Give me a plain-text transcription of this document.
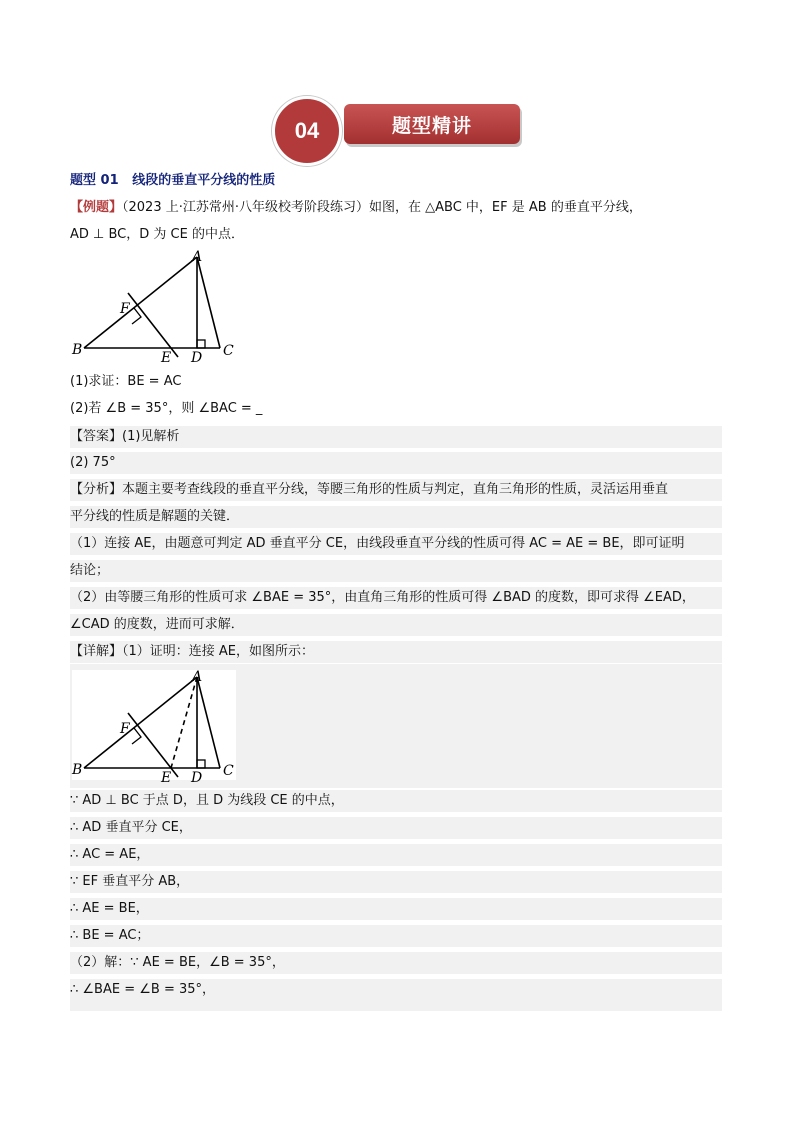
04	题型精讲
题型 01 线段的垂直平分线的性质
【例题】（2023 上·江苏常州·八年级校考阶段练习）如图，在 △ABC 中，EF 是 AB 的垂直平分线，
AD ⊥ BC，D 为 CE 的中点．
A
B	C
D
E
F
(1)求证：BE = AC
(2)若 ∠B = 35°，则 ∠BAC = _
【答案】(1)见解析
(2) 75°
【分析】本题主要考查线段的垂直平分线，等腰三角形的性质与判定，直角三角形的性质，灵活运用垂直
平分线的性质是解题的关键．
（1）连接 AE，由题意可判定 AD 垂直平分 CE，由线段垂直平分线的性质可得 AC = AE = BE，即可证明
结论；
（2）由等腰三角形的性质可求 ∠BAE = 35°，由直角三角形的性质可得 ∠BAD 的度数，即可求得 ∠EAD，
∠CAD 的度数，进而可求解．
【详解】（1）证明：连接 AE，如图所示：
A
B	C
D
E
F
∵ AD ⊥ BC 于点 D，且 D 为线段 CE 的中点，
∴ AD 垂直平分 CE，
∴ AC = AE，
∵ EF 垂直平分 AB，
∴ AE = BE，
∴ BE = AC；
（2）解：∵ AE = BE，∠B = 35°，
∴ ∠BAE = ∠B = 35°，
